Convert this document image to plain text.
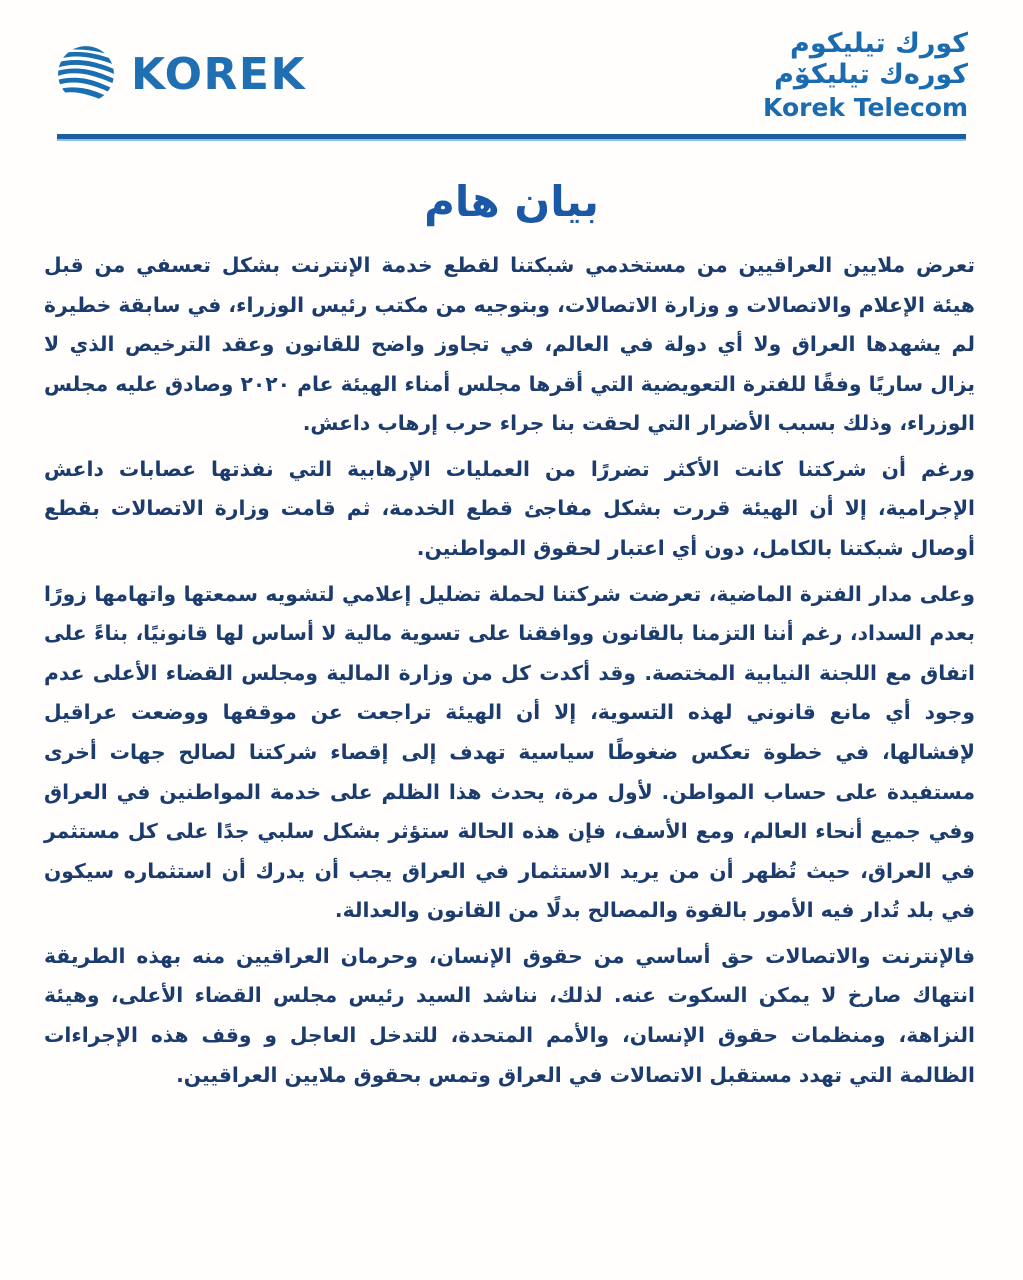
KOREK
كورك تيليكوم
كورەك تيليكۆم
Korek Telecom
بيان هام

تعرض ملايين العراقيين من مستخدمي شبكتنا لقطع خدمة الإنترنت بشكل تعسفي من قبل هيئة الإعلام والاتصالات و وزارة الاتصالات، وبتوجيه من مكتب رئيس الوزراء، في سابقة خطيرة لم يشهدها العراق ولا أي دولة في العالم، في تجاوز واضح للقانون وعقد الترخيص الذي لا يزال ساريًا وفقًا للفترة التعويضية التي أقرها مجلس أمناء الهيئة عام ٢٠٢٠ وصادق عليه مجلس الوزراء، وذلك بسبب الأضرار التي لحقت بنا جراء حرب إرهاب داعش.

ورغم أن شركتنا كانت الأكثر تضررًا من العمليات الإرهابية التي نفذتها عصابات داعش الإجرامية، إلا أن الهيئة قررت بشكل مفاجئ قطع الخدمة، ثم قامت وزارة الاتصالات بقطع أوصال شبكتنا بالكامل، دون أي اعتبار لحقوق المواطنين.

وعلى مدار الفترة الماضية، تعرضت شركتنا لحملة تضليل إعلامي لتشويه سمعتها واتهامها زورًا بعدم السداد، رغم أننا التزمنا بالقانون ووافقنا على تسوية مالية لا أساس لها قانونيًا، بناءً على اتفاق مع اللجنة النيابية المختصة. وقد أكدت كل من وزارة المالية ومجلس القضاء الأعلى عدم وجود أي مانع قانوني لهذه التسوية، إلا أن الهيئة تراجعت عن موقفها ووضعت عراقيل لإفشالها، في خطوة تعكس ضغوطًا سياسية تهدف إلى إقصاء شركتنا لصالح جهات أخرى مستفيدة على حساب المواطن. لأول مرة، يحدث هذا الظلم على خدمة المواطنين في العراق وفي جميع أنحاء العالم، ومع الأسف، فإن هذه الحالة ستؤثر بشكل سلبي جدًا على كل مستثمر في العراق، حيث تُظهر أن من يريد الاستثمار في العراق يجب أن يدرك أن استثماره سيكون في بلد تُدار فيه الأمور بالقوة والمصالح بدلًا من القانون والعدالة.

فالإنترنت والاتصالات حق أساسي من حقوق الإنسان، وحرمان العراقيين منه بهذه الطريقة انتهاك صارخ لا يمكن السكوت عنه. لذلك، نناشد السيد رئيس مجلس القضاء الأعلى، وهيئة النزاهة، ومنظمات حقوق الإنسان، والأمم المتحدة، للتدخل العاجل و وقف هذه الإجراءات الظالمة التي تهدد مستقبل الاتصالات في العراق وتمس بحقوق ملايين العراقيين.
